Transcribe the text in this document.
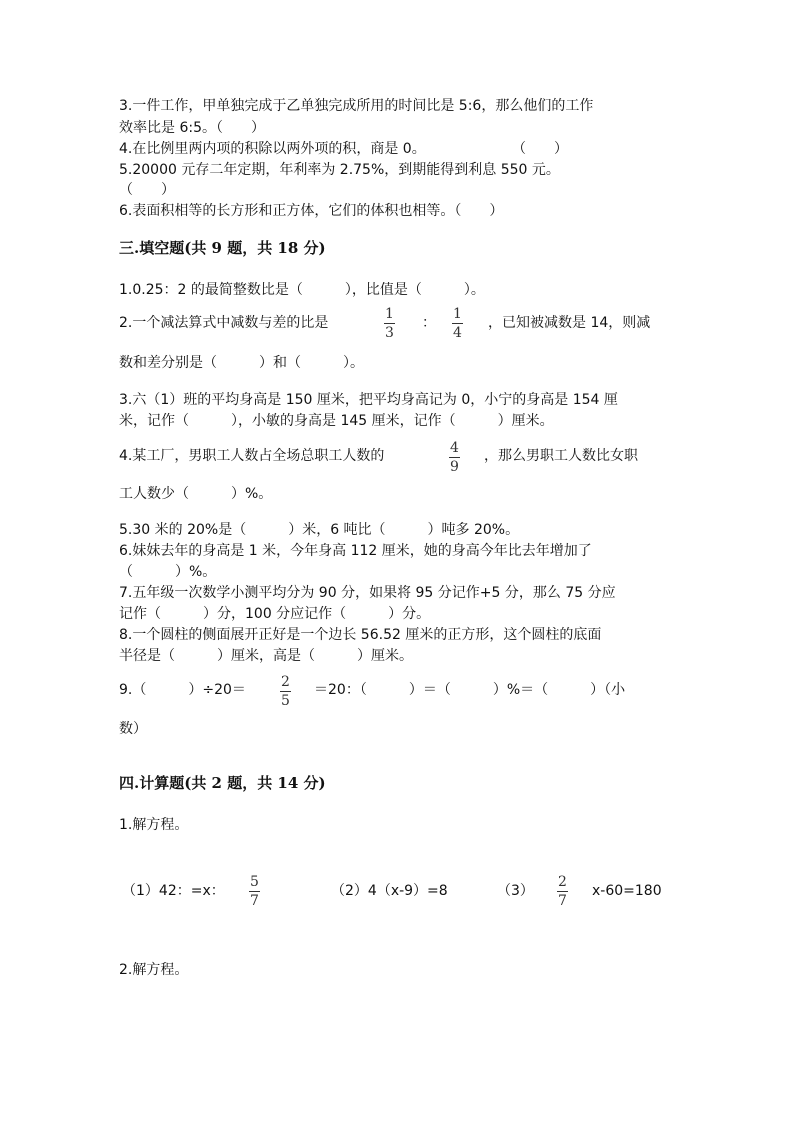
3.一件工作，甲单独完成于乙单独完成所用的时间比是 5:6，那么他们的工作
效率比是 6:5。（　　）
4.在比例里两内项的积除以两外项的积，商是 0。	（　　）
5.20000 元存二年定期，年利率为 2.75%，到期能得到利息 550 元。
（　　）
6.表面积相等的长方形和正方体，它们的体积也相等。（　　）
三.填空题(共 9 题，共 18 分)
1.0.25：2 的最简整数比是（　　　），比值是（　　　）。
2.一个减法算式中减数与差的比是
1
3
：
1
4
，已知被减数是 14，则减
数和差分别是（　　　）和（　　　）。
3.六（1）班的平均身高是 150 厘米，把平均身高记为 0，小宁的身高是 154 厘
米，记作（　　　），小敏的身高是 145 厘米，记作（　　　）厘米。
4.某工厂，男职工人数占全场总职工人数的	4
9
，那么男职工人数比女职
工人数少（　　　）%。
5.30 米的 20%是（　　　）米，6 吨比（　　　）吨多 20%。
6.妹妹去年的身高是 1 米，今年身高 112 厘米，她的身高今年比去年增加了
（　　　）%。
7.五年级一次数学小测平均分为 90 分，如果将 95 分记作+5 分，那么 75 分应
记作（　　　）分，100 分应记作（　　　）分。
8.一个圆柱的侧面展开正好是一个边长 56.52 厘米的正方形，这个圆柱的底面
半径是（　　　）厘米，高是（　　　）厘米。
9.（　　　）÷20＝	2
5
＝20：（　　　）＝（　　　）%＝（　　　）（小
数）
四.计算题(共 2 题，共 14 分)
1.解方程。
（1）42：=x：
5
7
（2）4（x-9）=8	（3）
2
7
x-60=180
2.解方程。
